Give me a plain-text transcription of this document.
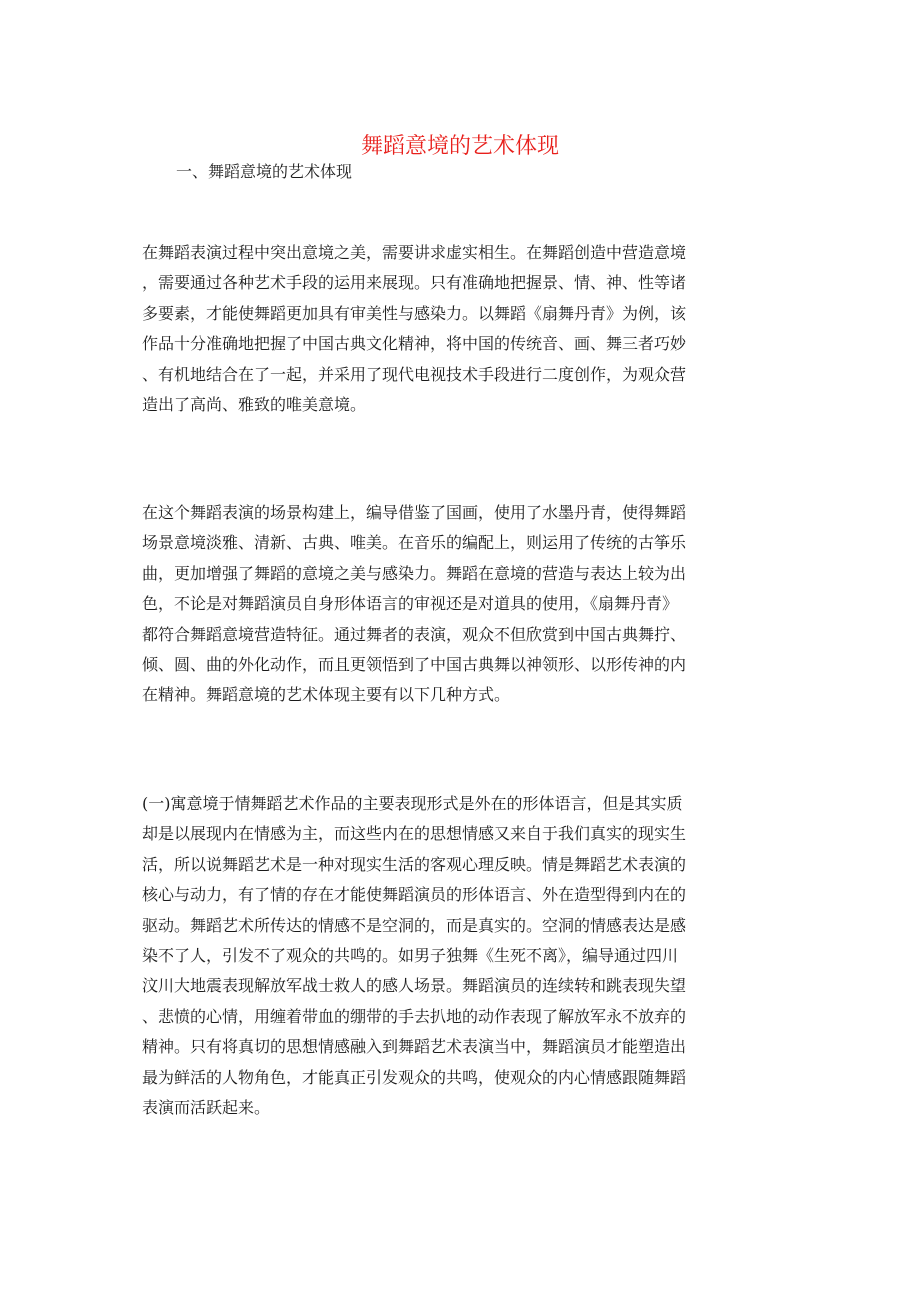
舞蹈意境的艺术体现
一、舞蹈意境的艺术体现
在舞蹈表演过程中突出意境之美，需要讲求虚实相生。在舞蹈创造中营造意境
，需要通过各种艺术手段的运用来展现。只有准确地把握景、情、神、性等诸
多要素，才能使舞蹈更加具有审美性与感染力。以舞蹈《扇舞丹青》为例，该
作品十分准确地把握了中国古典文化精神，将中国的传统音、画、舞三者巧妙
、有机地结合在了一起，并采用了现代电视技术手段进行二度创作，为观众营
造出了高尚、雅致的唯美意境。
在这个舞蹈表演的场景构建上，编导借鉴了国画，使用了水墨丹青，使得舞蹈
场景意境淡雅、清新、古典、唯美。在音乐的编配上，则运用了传统的古筝乐
曲，更加增强了舞蹈的意境之美与感染力。舞蹈在意境的营造与表达上较为出
色，不论是对舞蹈演员自身形体语言的审视还是对道具的使用，《扇舞丹青》
都符合舞蹈意境营造特征。通过舞者的表演，观众不但欣赏到中国古典舞拧、
倾、圆、曲的外化动作，而且更领悟到了中国古典舞以神领形、以形传神的内
在精神。舞蹈意境的艺术体现主要有以下几种方式。
(一)寓意境于情舞蹈艺术作品的主要表现形式是外在的形体语言，但是其实质
却是以展现内在情感为主，而这些内在的思想情感又来自于我们真实的现实生
活，所以说舞蹈艺术是一种对现实生活的客观心理反映。情是舞蹈艺术表演的
核心与动力，有了情的存在才能使舞蹈演员的形体语言、外在造型得到内在的
驱动。舞蹈艺术所传达的情感不是空洞的，而是真实的。空洞的情感表达是感
染不了人，引发不了观众的共鸣的。如男子独舞《生死不离》，编导通过四川
汶川大地震表现解放军战士救人的感人场景。舞蹈演员的连续转和跳表现失望
、悲愤的心情，用缠着带血的绷带的手去扒地的动作表现了解放军永不放弃的
精神。只有将真切的思想情感融入到舞蹈艺术表演当中，舞蹈演员才能塑造出
最为鲜活的人物角色，才能真正引发观众的共鸣，使观众的内心情感跟随舞蹈
表演而活跃起来。
